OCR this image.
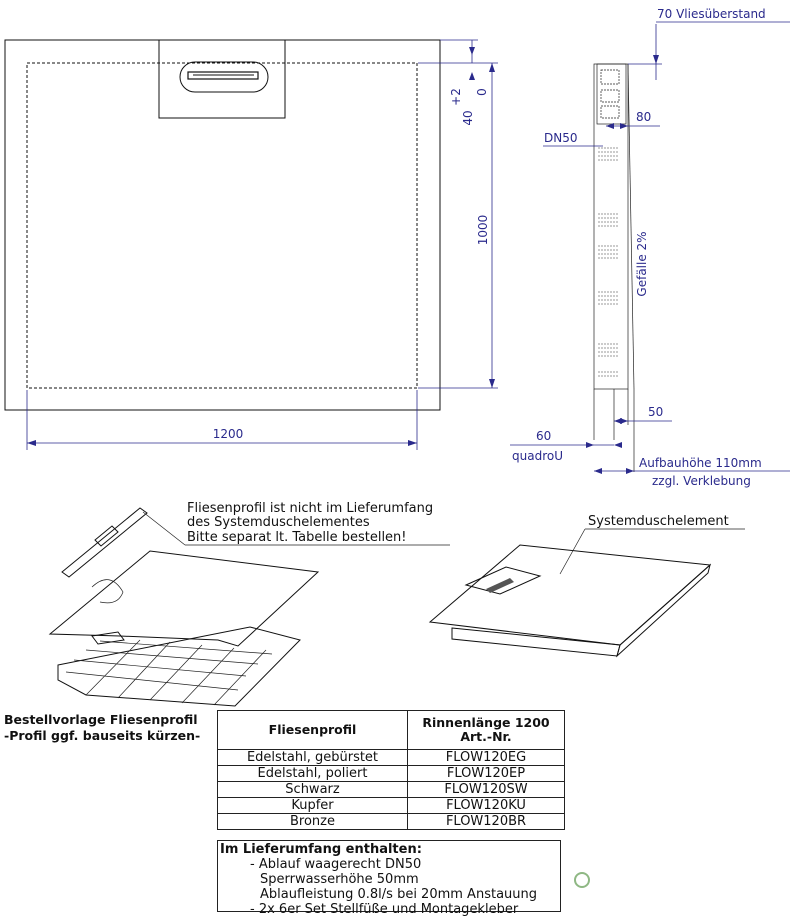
1000
+2 0
40
1200
70 Vliesüberstand
80
DN50
Gefälle 2%
50
60
quadroU	Aufbauhöhe 110mm
zzgl. Verklebung
Fliesenprofil ist nicht im Lieferumfang
des Systemduschelementes
Bitte separat lt. Tabelle bestellen!
Systemduschelement
Bestellvorlage Fliesenprofil
-Profil ggf. bauseits kürzen-	Fliesenprofil	Rinnenlänge 1200
Art.-Nr.

Edelstahl, gebürstet	FLOW120EG
Edelstahl, poliert	FLOW120EP
Schwarz	FLOW120SW
Kupfer	FLOW120KU
Bronze	FLOW120BR
Im Lieferumfang enthalten:
- Ablauf waagerecht DN50
Sperrwasserhöhe 50mm
Ablaufleistung 0.8l/s bei 20mm Anstauung
- 2x 6er Set Stellfüße und Montagekleber
